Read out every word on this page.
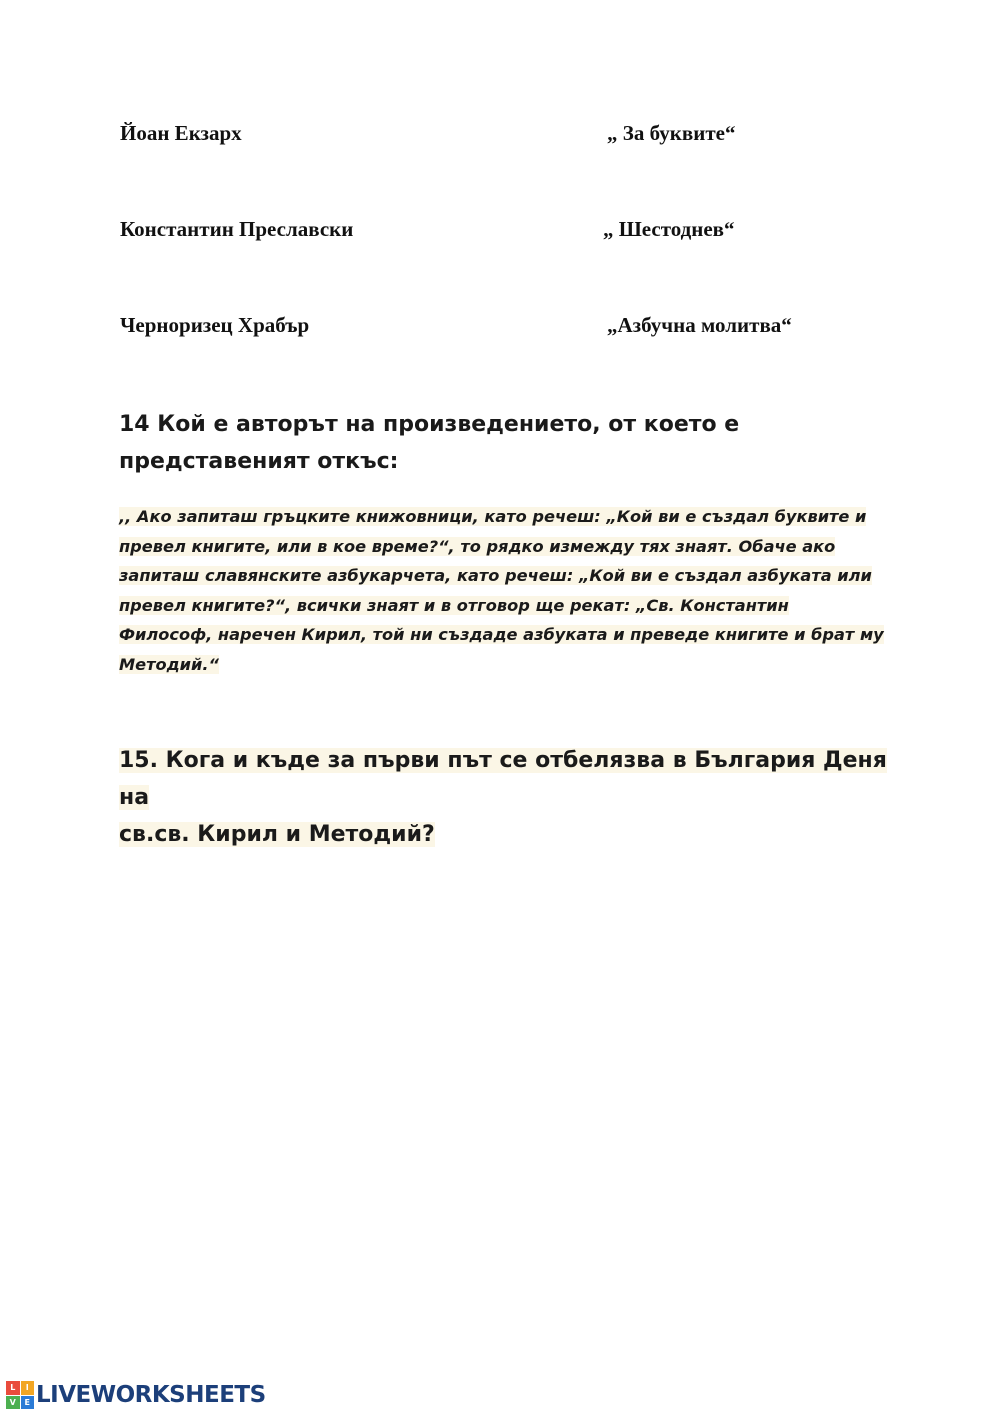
Йоан Екзарх
Константин Преславски
Черноризец Храбър
„ За буквите“
„ Шестоднев“
„Азбучна молитва“
14 Кой е авторът на произведението, от което е представеният откъс:
,, Ако запиташ гръцките книжовници, като речеш: „Кой ви е създал буквите и
превел книгите, или в кое време?“, то рядко измежду тях знаят. Обаче ако
запиташ славянските азбукарчета, като речеш: „Кой ви е създал азбуката или
превел книгите?“, всички знаят и в отговор ще рекат: „Св. Константин
Философ, наречен Кирил, той ни създаде азбуката и преведе книгите и брат му
Методий.“
15. Кога и къде за първи път се отбелязва в България Деня на
св.св. Кирил и Методий?
L	I
V	E LIVEWORKSHEETS
